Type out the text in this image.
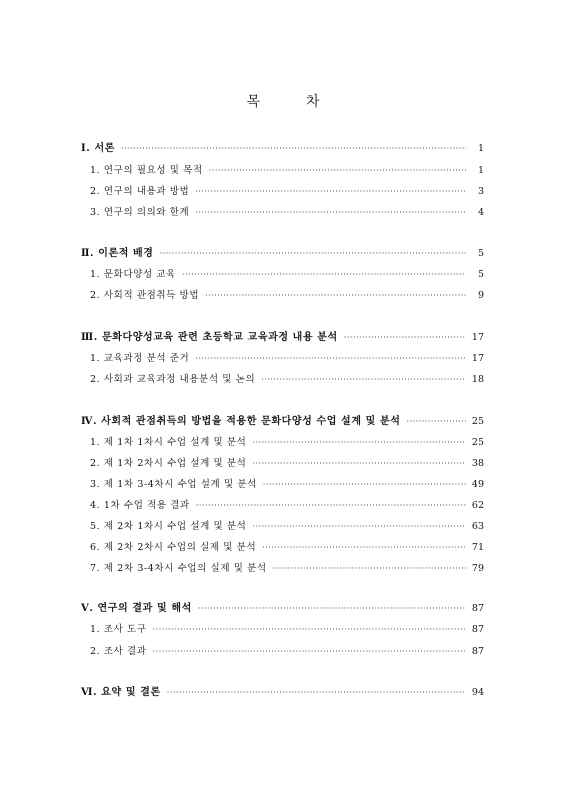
목	차
Ⅰ. 서론 ·····	1
1. 연구의 필요성 및 목적 ·····	1
2. 연구의 내용과 방법 ·····	3
3. 연구의 의의와 한계 ·····	4
Ⅱ. 이론적 배경 ·····	5
1. 문화다양성 교육 ·····	5
2. 사회적 관점취득 방법 ·····	9
Ⅲ. 문화다양성교육 관련 초등학교 교육과정 내용 분석 ·····	17
1. 교육과정 분석 준거 ·····	17
2. 사회과 교육과정 내용분석 및 논의 ·····	18
Ⅳ. 사회적 관점취득의 방법을 적용한 문화다양성 수업 설계 및 분석 ·····	25
1. 제 1차 1차시 수업 설계 및 분석 ·····	25
2. 제 1차 2차시 수업 설계 및 분석 ·····	38
3. 제 1차 3-4차시 수업 설계 및 분석 ·····	49
4. 1차 수업 적용 결과 ·····	62
5. 제 2차 1차시 수업 설계 및 분석 ·····	63
6. 제 2차 2차시 수업의 실제 및 분석 ·····	71
7. 제 2차 3-4차시 수업의 실제 및 분석 ·····	79
Ⅴ. 연구의 결과 및 해석 ·····	87
1. 조사 도구 ·····	87
2. 조사 결과 ·····	87
Ⅵ. 요약 및 결론 ·····	94
